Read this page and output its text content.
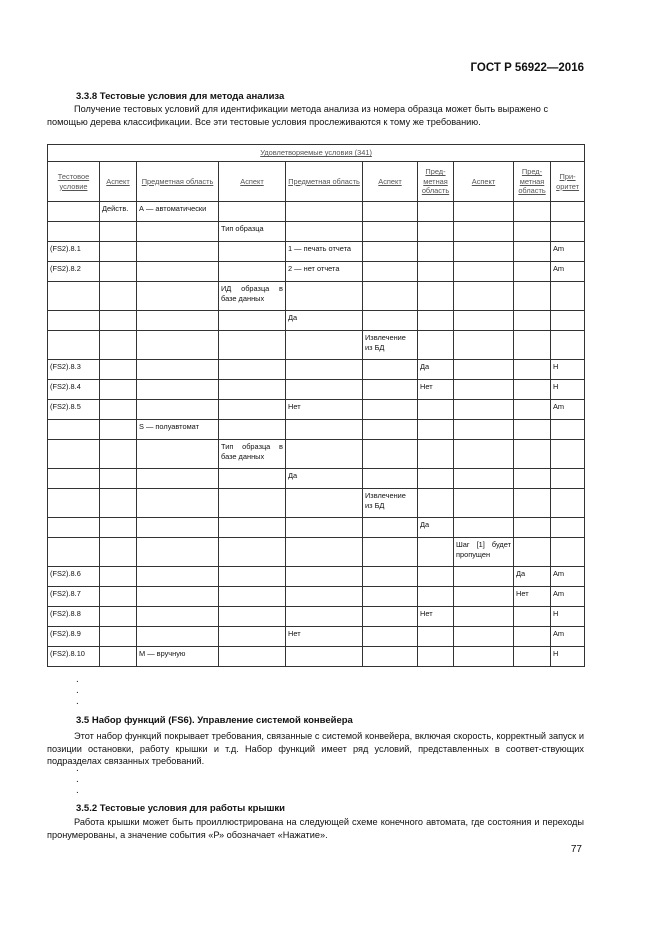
ГОСТ Р 56922—2016
3.3.8 Тестовые условия для метода анализа
Получение тестовых условий для идентификации метода анализа из номера образца может быть выражено с помощью дерева классификации. Все эти тестовые условия прослеживаются к тому же требованию.
Удовлетворяемые условия (341)									
Тестовое условие	Аспект	Предметная область	Аспект	Предметная область	Аспект	Пред-метная область	Аспект	Пред-метная область	При-оритет
	Действ.	А — автоматически							
			Тип образца						
(FS2).8.1				1 — печать отчета					Am
(FS2).8.2				2 — нет отчета					Am
			ИД образца в базе данных						
				Да					
					Извлечение из БД				
(FS2).8.3						Да			H
(FS2).8.4						Нет			H
(FS2).8.5				Нет					Am
		S — полуавтомат							
			Тип образца в базе данных						
				Да					
					Извлечение из БД				
						Да			
							Шаг [1] будет пропущен		
(FS2).8.6								Да	Am
(FS2).8.7								Нет	Am
(FS2).8.8						Нет			H
(FS2).8.9				Нет					Am
(FS2).8.10		М — вручную							H
.
.
.
3.5 Набор функций (FS6). Управление системой конвейера
Этот набор функций покрывает требования, связанные с системой конвейера, включая скорость, корректный запуск и позиции остановки, работу крышки и т.д. Набор функций имеет ряд условий, представленных в соответ-ствующих подразделах связанных требований.
.
.
.
3.5.2 Тестовые условия для работы крышки
Работа крышки может быть проиллюстрирована на следующей схеме конечного автомата, где состояния и переходы пронумерованы, а значение события «Р» обозначает «Нажатие».
77
